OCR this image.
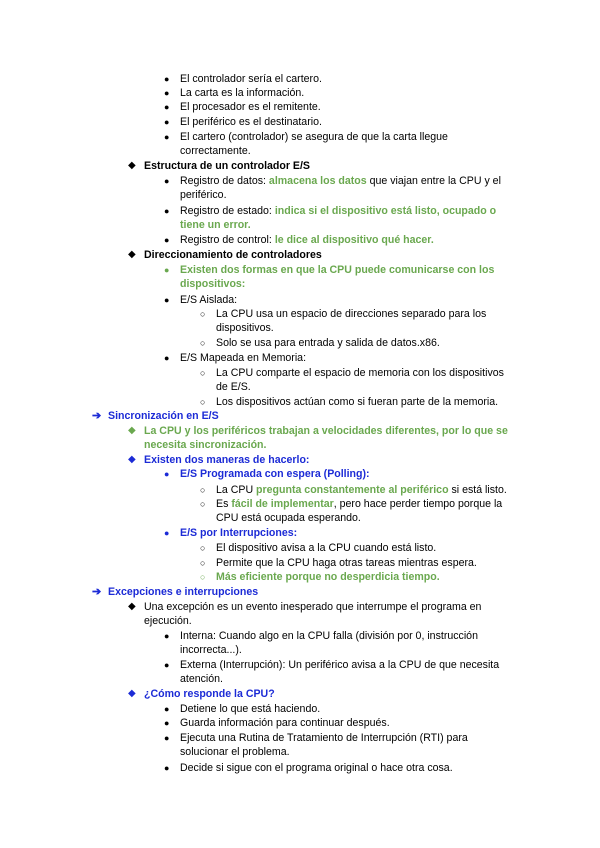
● El controlador sería el cartero.
● La carta es la información.
● El procesador es el remitente.
● El periférico es el destinatario.
● El cartero (controlador) se asegura de que la carta llegue
correctamente.
◆ Estructura de un controlador E/S
● Registro de datos: almacena los datos que viajan entre la CPU y el
periférico.
● Registro de estado: indica si el dispositivo está listo, ocupado o
tiene un error.
● Registro de control: le dice al dispositivo qué hacer.
◆ Direccionamiento de controladores
● Existen dos formas en que la CPU puede comunicarse con los
dispositivos:
● E/S Aislada:
○ La CPU usa un espacio de direcciones separado para los
dispositivos.
○ Solo se usa para entrada y salida de datos.x86.
● E/S Mapeada en Memoria:
○ La CPU comparte el espacio de memoria con los dispositivos
de E/S.
○ Los dispositivos actúan como si fueran parte de la memoria.
➔ Sincronización en E/S
◆ La CPU y los periféricos trabajan a velocidades diferentes, por lo que se
necesita sincronización.
◆ Existen dos maneras de hacerlo:
● E/S Programada con espera (Polling):
○ La CPU pregunta constantemente al periférico si está listo.
○ Es fácil de implementar, pero hace perder tiempo porque la
CPU está ocupada esperando.
● E/S por Interrupciones:
○ El dispositivo avisa a la CPU cuando está listo.
○ Permite que la CPU haga otras tareas mientras espera.
○ Más eficiente porque no desperdicia tiempo.
➔ Excepciones e interrupciones
◆ Una excepción es un evento inesperado que interrumpe el programa en
ejecución.
● Interna: Cuando algo en la CPU falla (división por 0, instrucción
incorrecta...).
● Externa (Interrupción): Un periférico avisa a la CPU de que necesita
atención.
◆ ¿Cómo responde la CPU?
● Detiene lo que está haciendo.
● Guarda información para continuar después.
● Ejecuta una Rutina de Tratamiento de Interrupción (RTI) para
solucionar el problema.
● Decide si sigue con el programa original o hace otra cosa.
